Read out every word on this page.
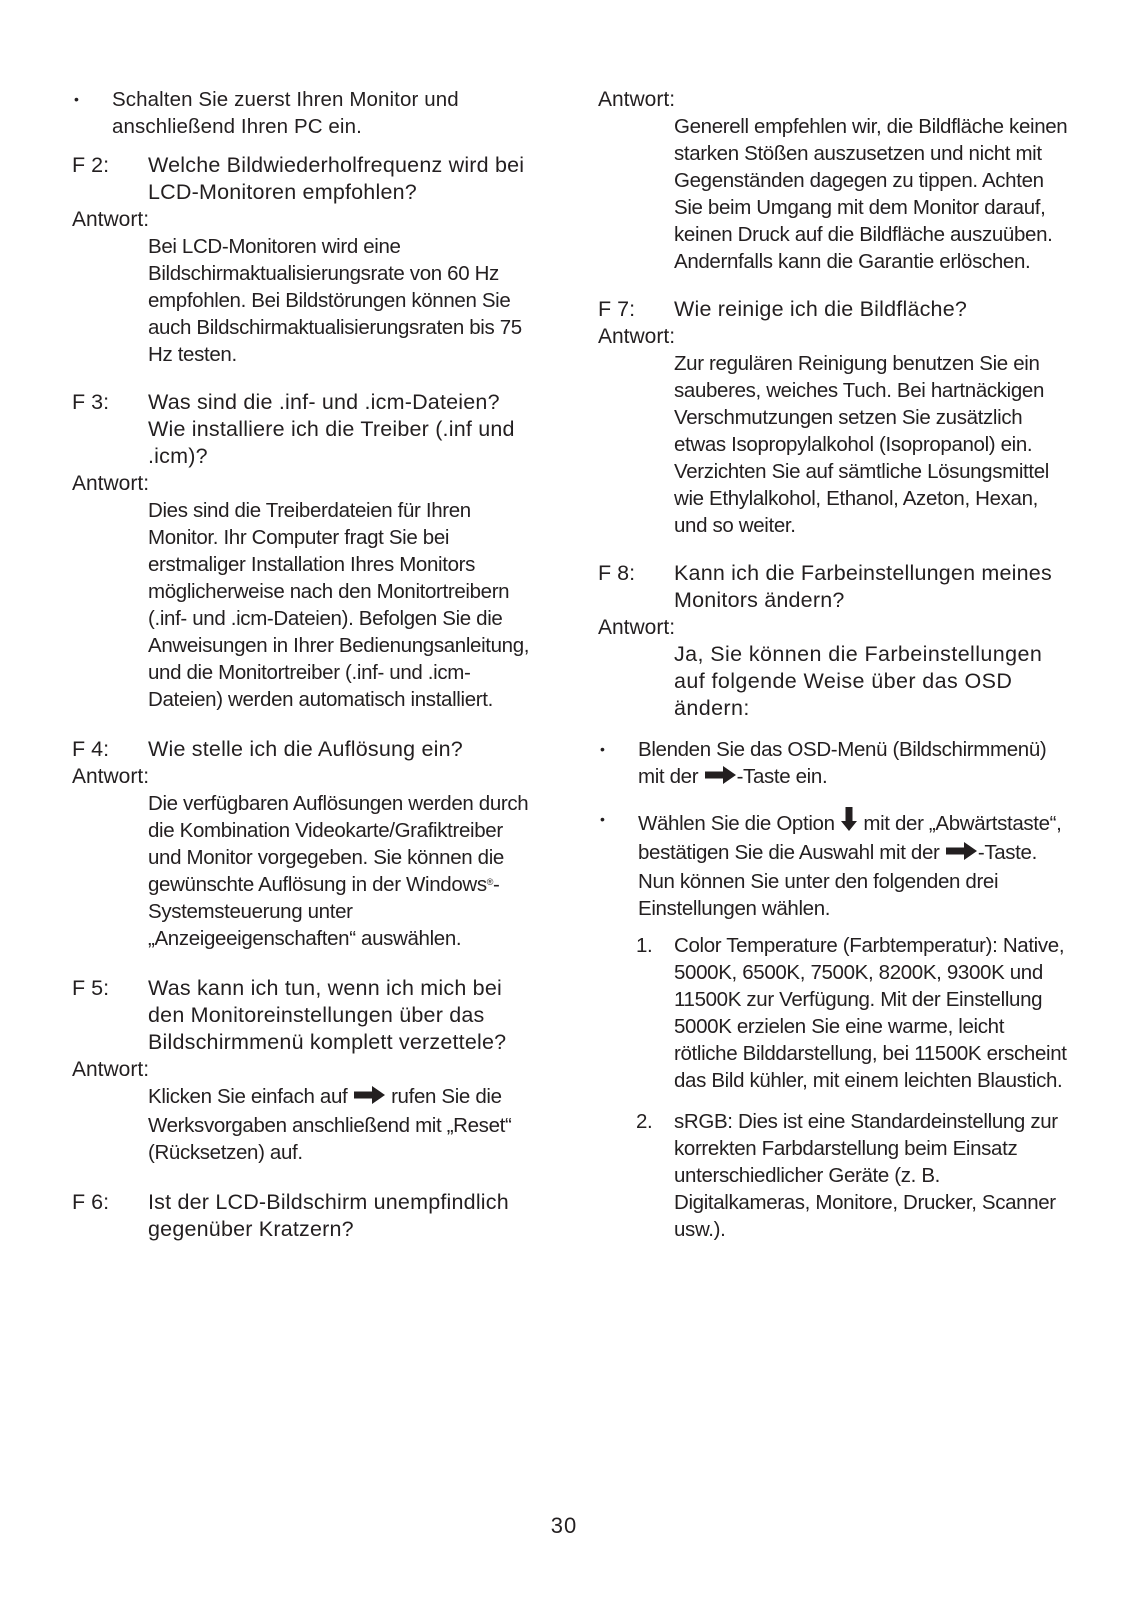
•	Schalten Sie zuerst Ihren Monitor und anschließend Ihren PC ein.
F 2:	Welche Bildwiederholfrequenz wird bei LCD-Monitoren empfohlen?
Antwort:
Bei LCD-Monitoren wird eine Bildschirmaktualisierungsrate von 60 Hz empfohlen. Bei Bildstörungen können Sie auch Bildschirmaktualisierungsraten bis 75 Hz testen.
F 3:	Was sind die .inf- und .icm-Dateien? Wie installiere ich die Treiber (.inf und .icm)?
Antwort:
Dies sind die Treiberdateien für Ihren Monitor. Ihr Computer fragt Sie bei erstmaliger Installation Ihres Monitors möglicherweise nach den Monitortreibern (.inf- und .icm-Dateien). Befolgen Sie die Anweisungen in Ihrer Bedienungsanleitung, und die Monitortreiber (.inf- und .icm-Dateien) werden automatisch installiert.
F 4:	Wie stelle ich die Auflösung ein?
Antwort:
Die verfügbaren Auflösungen werden durch die Kombination Videokarte/Grafiktreiber und Monitor vorgegeben. Sie können die gewünschte Auflösung in der Windows®-Systemsteuerung unter „Anzeigeeigenschaften“ auswählen.
F 5:	Was kann ich tun, wenn ich mich bei den Monitoreinstellungen über das Bildschirmmenü komplett verzettele?
Antwort:
Klicken Sie einfach auf rufen Sie die Werksvorgaben anschließend mit „Reset“ (Rücksetzen) auf.
F 6:	Ist der LCD-Bildschirm unempfindlich gegenüber Kratzern?
Antwort:
Generell empfehlen wir, die Bildfläche keinen starken Stößen auszusetzen und nicht mit Gegenständen dagegen zu tippen. Achten Sie beim Umgang mit dem Monitor darauf, keinen Druck auf die Bildfläche auszuüben. Andernfalls kann die Garantie erlöschen.
F 7:	Wie reinige ich die Bildfläche?
Antwort:
Zur regulären Reinigung benutzen Sie ein sauberes, weiches Tuch. Bei hartnäckigen Verschmutzungen setzen Sie zusätzlich etwas Isopropylalkohol (Isopropanol) ein. Verzichten Sie auf sämtliche Lösungsmittel wie Ethylalkohol, Ethanol, Azeton, Hexan, und so weiter.
F 8:	Kann ich die Farbeinstellungen meines Monitors ändern?
Antwort:
Ja, Sie können die Farbeinstellungen auf folgende Weise über das OSD ändern:
•	Blenden Sie das OSD-Menü (Bildschirmmenü) mit der -Taste ein.
•	Wählen Sie die Option mit der „Abwärtstaste“, bestätigen Sie die Auswahl mit der -Taste. Nun können Sie unter den folgenden drei Einstellungen wählen.
1.	Color Temperature (Farbtemperatur): Native, 5000K, 6500K, 7500K, 8200K, 9300K und 11500K zur Verfügung. Mit der Einstellung 5000K erzielen Sie eine warme, leicht rötliche Bilddarstellung, bei 11500K erscheint das Bild kühler, mit einem leichten Blaustich.
2.	sRGB: Dies ist eine Standardeinstellung zur korrekten Farbdarstellung beim Einsatz unterschiedlicher Geräte (z. B. Digitalkameras, Monitore, Drucker, Scanner usw.).
30
